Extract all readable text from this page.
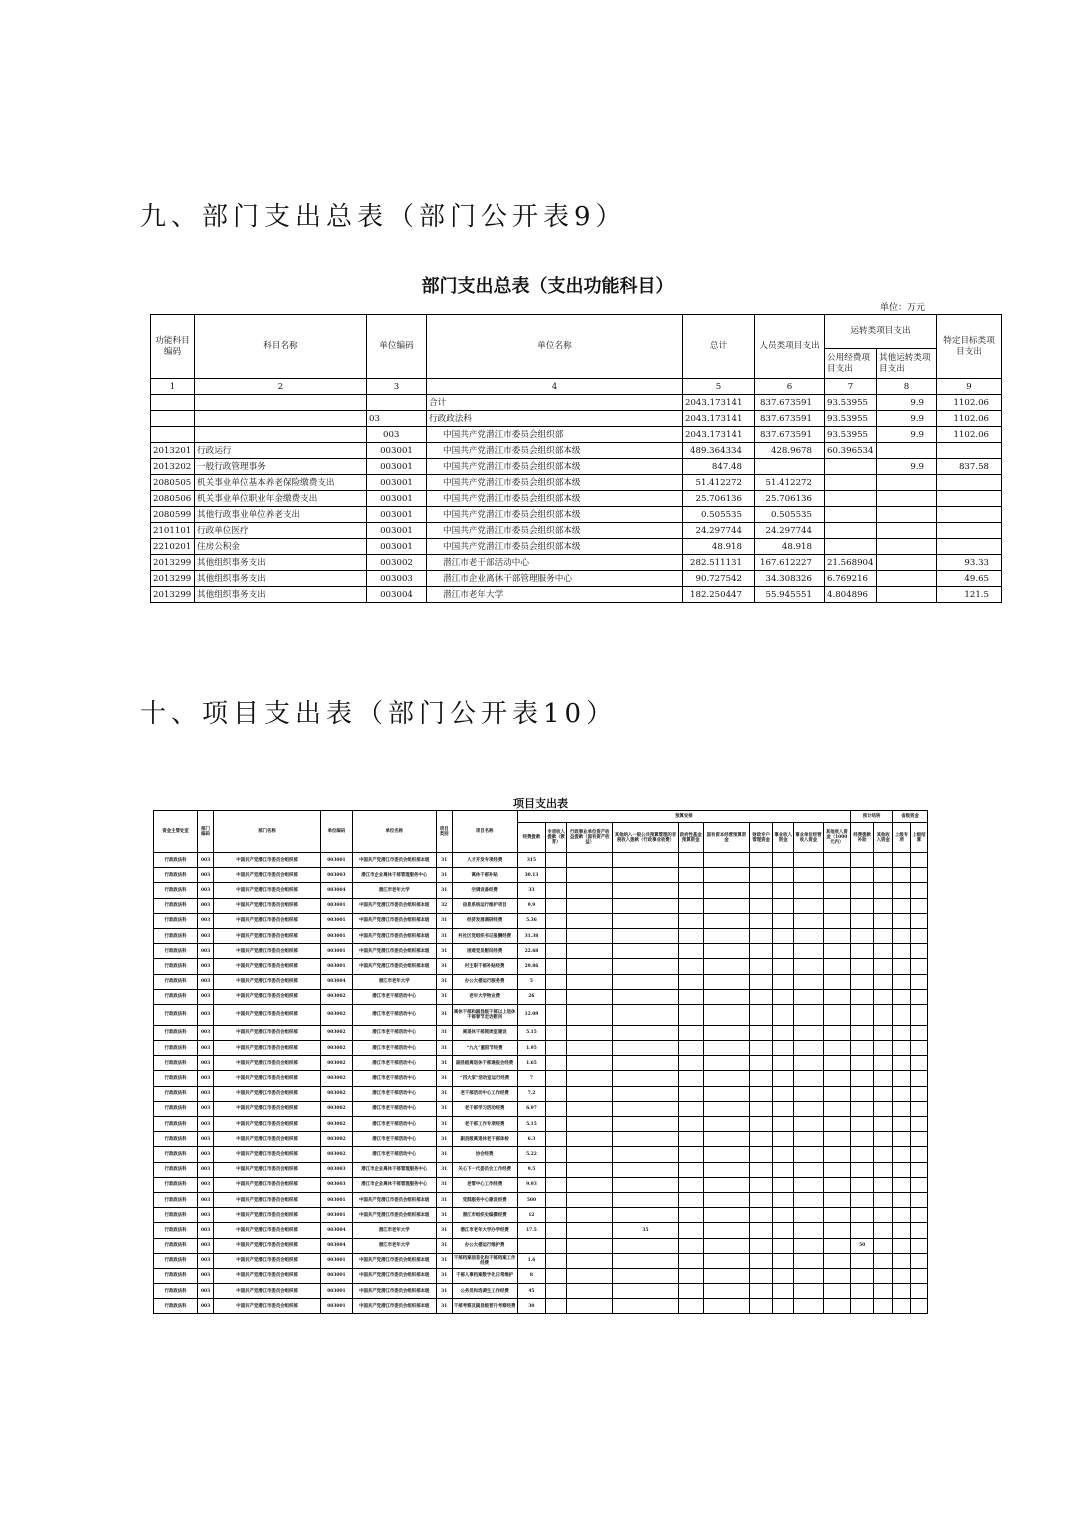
九、部门支出总表（部门公开表9）
部门支出总表（支出功能科目）
单位：万元
功能科目编码	科目名称	单位编码	单位名称	总计	人员类项目支出	运转类项目支出		特定目标类项目支出
						公用经费项目支出	其他运转类项目支出	
1	2	3	4	5	6	7	8	9
			合计	2043.173141	837.673591	93.53955	9.9	1102.06
		03	行政政法科	2043.173141	837.673591	93.53955	9.9	1102.06
		003	中国共产党潜江市委员会组织部	2043.173141	837.673591	93.53955	9.9	1102.06
2013201	行政运行	003001	中国共产党潜江市委员会组织部本级	489.364334	428.9678	60.396534		
2013202	一般行政管理事务	003001	中国共产党潜江市委员会组织部本级	847.48			9.9	837.58
2080505	机关事业单位基本养老保险缴费支出	003001	中国共产党潜江市委员会组织部本级	51.412272	51.412272			
2080506	机关事业单位职业年金缴费支出	003001	中国共产党潜江市委员会组织部本级	25.706136	25.706136			
2080599	其他行政事业单位养老支出	003001	中国共产党潜江市委员会组织部本级	0.505535	0.505535			
2101101	行政单位医疗	003001	中国共产党潜江市委员会组织部本级	24.297744	24.297744			
2210201	住房公积金	003001	中国共产党潜江市委员会组织部本级	48.918	48.918			
2013299	其他组织事务支出	003002	潜江市老干部活动中心	282.511131	167.612227	21.568904		93.33
2013299	其他组织事务支出	003003	潜江市企业离休干部管理服务中心	90.727542	34.308326	6.769216		49.65
2013299	其他组织事务支出	003004	潜江市老年大学	182.250447	55.945551	4.804896		121.5
十、项目支出表（部门公开表10）
项目支出表
资金主管处室	部门编码	部门名称	单位编码	单位名称	项目类别	项目名称	预算安排										预计结转		省级资金	
							经费拨款	专项收入拨款（教育）	行政事业单位资产收益拨款（国有资产收益）	其他纳入一般公共预算管理的非税收入拨款（行政事业收费）	政府性基金预算资金	国有资本经营预算资金	财政专户管理资金	事业收入资金	事业单位经营收入资金	其他收入资金（1000元内）	经费拨款补助	其他收入资金	上级专项	上级结算
行政政法科	003	中国共产党潜江市委员会组织部	003001	中国共产党潜江市委员会组织部本级	31	人才开发专项经费	315													
行政政法科	003	中国共产党潜江市委员会组织部	003003	潜江市企业离休干部管理服务中心	31	离休干部补贴	30.13													
行政政法科	003	中国共产党潜江市委员会组织部	003004	潜江市老年大学	31	空调设备经费	33													
行政政法科	003	中国共产党潜江市委员会组织部	003001	中国共产党潜江市委员会组织部本级	32	信息系统运行维护项目	9.9													
行政政法科	003	中国共产党潜江市委员会组织部	003001	中国共产党潜江市委员会组织部本级	31	经济发展调研经费	5.36													
行政政法科	003	中国共产党潜江市委员会组织部	003001	中国共产党潜江市委员会组织部本级	31	村社区党组织书记报酬经费	31.38													
行政政法科	003	中国共产党潜江市委员会组织部	003001	中国共产党潜江市委员会组织部本级	31	困难党员慰问经费	22.68													
行政政法科	003	中国共产党潜江市委员会组织部	003001	中国共产党潜江市委员会组织部本级	31	村主职干部补贴经费	29.86													
行政政法科	003	中国共产党潜江市委员会组织部	003004	潜江市老年大学	31	办公大楼运行服务费	5													
行政政法科	003	中国共产党潜江市委员会组织部	003002	潜江市老干部活动中心	31	老年大学物业费	26													
行政政法科	003	中国共产党潜江市委员会组织部	003002	潜江市老干部活动中心	31	离休干部和副县级干部以上退休干部春节走访慰问	12.09													
行政政法科	003	中国共产党潜江市委员会组织部	003002	潜江市老干部活动中心	31	离退休干部阅读室建设	5.15													
行政政法科	003	中国共产党潜江市委员会组织部	003002	潜江市老干部活动中心	31	“九九”重阳节经费	1.95													
行政政法科	003	中国共产党潜江市委员会组织部	003002	潜江市老干部活动中心	31	副县级离退休干部通报会经费	1.65													
行政政法科	003	中国共产党潜江市委员会组织部	003002	潜江市老干部活动中心	31	“四大家”活动室运行经费	7													
行政政法科	003	中国共产党潜江市委员会组织部	003002	潜江市老干部活动中心	31	老干部活动中心工作经费	7.2													
行政政法科	003	中国共产党潜江市委员会组织部	003002	潜江市老干部活动中心	31	老干部学习活动经费	6.97													
行政政法科	003	中国共产党潜江市委员会组织部	003002	潜江市老干部活动中心	31	老干部工作专项经费	5.15													
行政政法科	003	中国共产党潜江市委员会组织部	003002	潜江市老干部活动中心	31	副县级离退休老干部体检	6.3													
行政政法科	003	中国共产党潜江市委员会组织部	003002	潜江市老干部活动中心	31	协会经费	5.22													
行政政法科	003	中国共产党潜江市委员会组织部	003003	潜江市企业离休干部管理服务中心	31	关心下一代委员会工作经费	9.5													
行政政法科	003	中国共产党潜江市委员会组织部	003003	潜江市企业离休干部管理服务中心	31	老管中心工作经费	9.93													
行政政法科	003	中国共产党潜江市委员会组织部	003001	中国共产党潜江市委员会组织部本级	31	党群服务中心建设经费	500													
行政政法科	003	中国共产党潜江市委员会组织部	003001	中国共产党潜江市委员会组织部本级	31	潜江市组织史编撰经费	12													
行政政法科	003	中国共产党潜江市委员会组织部	003004	潜江市老年大学	31	潜江市老年大学办学经费	17.5			35										
行政政法科	003	中国共产党潜江市委员会组织部	003004	潜江市老年大学	31	办公大楼运行维护费											50			
行政政法科	003	中国共产党潜江市委员会组织部	003001	中国共产党潜江市委员会组织部本级	31	干部档案信息化和干部档案工作经费	1.6													
行政政法科	003	中国共产党潜江市委员会组织部	003001	中国共产党潜江市委员会组织部本级	31	干部人事档案数字化日常维护	8													
行政政法科	003	中国共产党潜江市委员会组织部	003001	中国共产党潜江市委员会组织部本级	31	公务员和选调生工作经费	45													
行政政法科	003	中国共产党潜江市委员会组织部	003001	中国共产党潜江市委员会组织部本级	31	干部考察及副县级晋升考察经费	30													
